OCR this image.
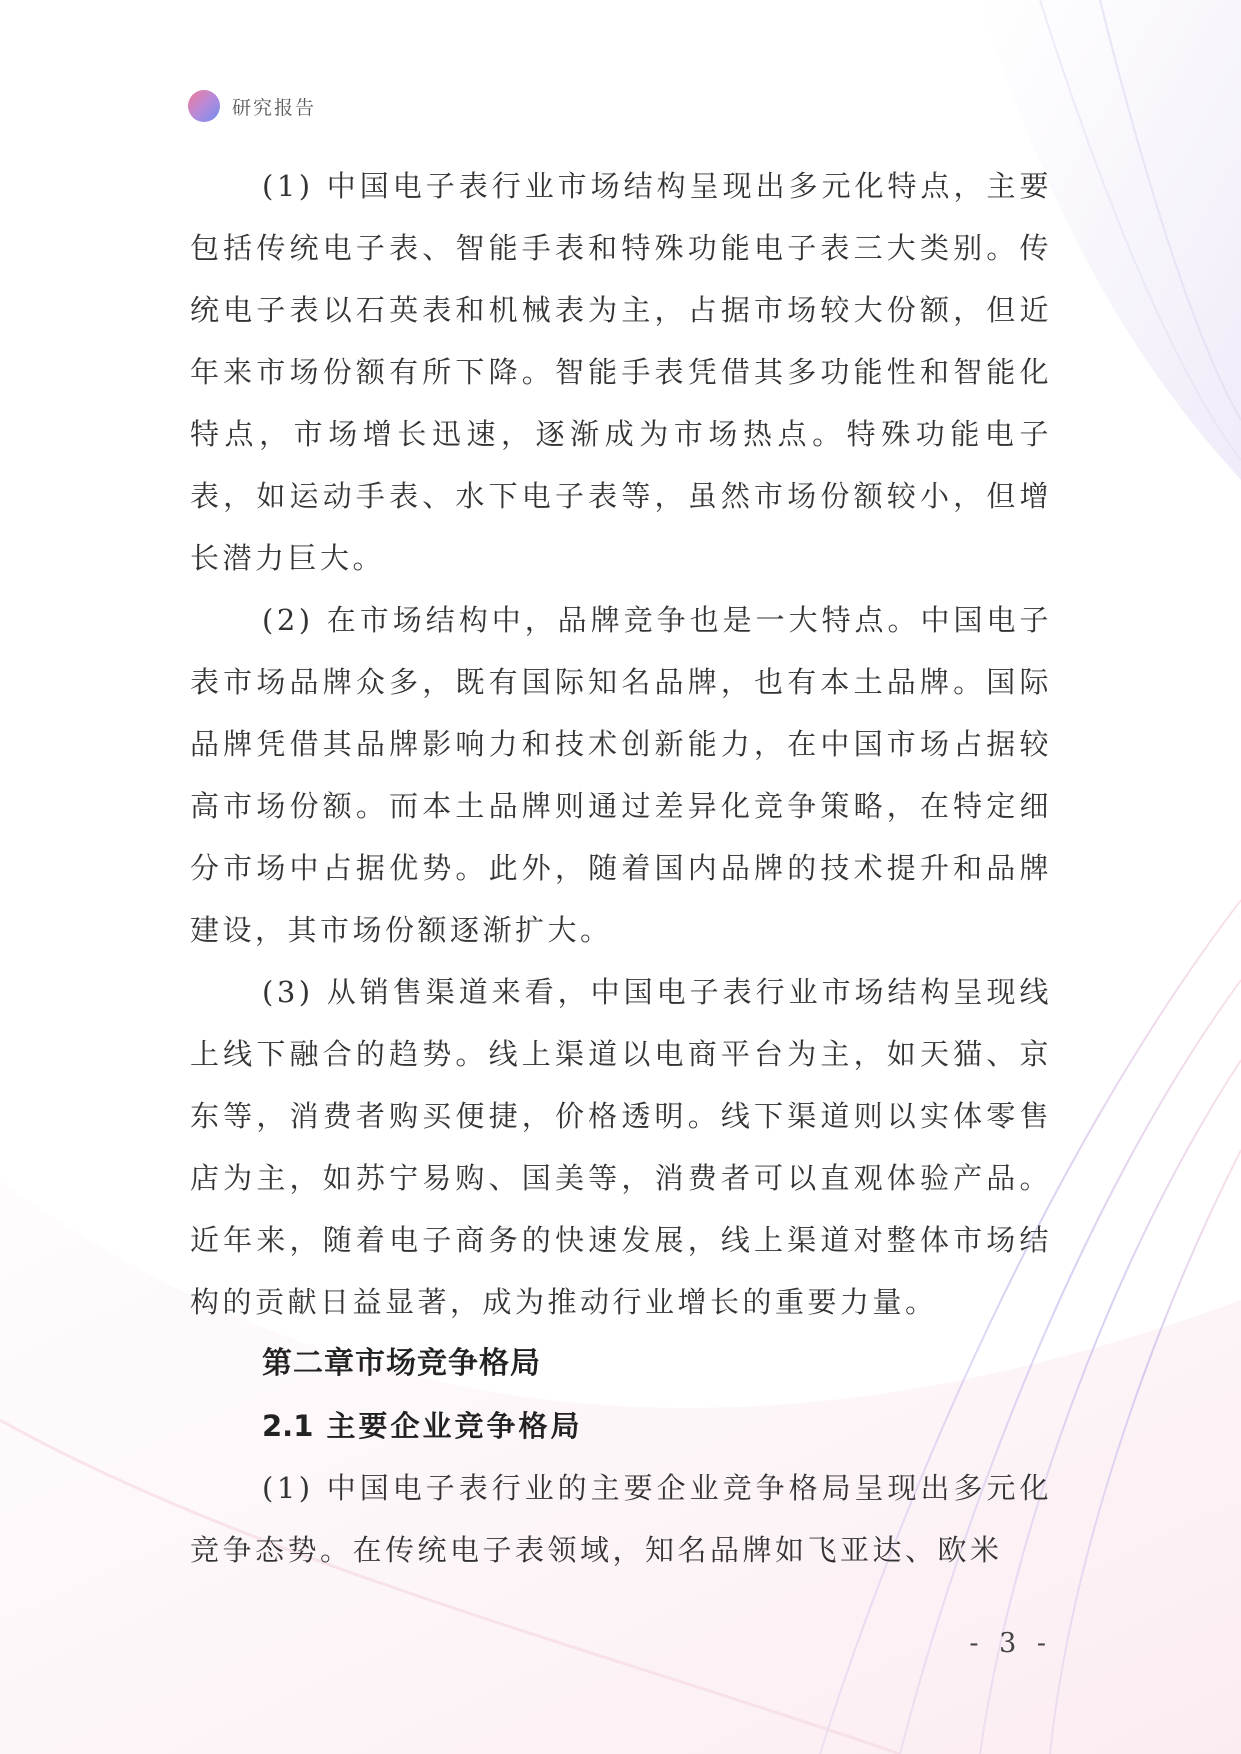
研究报告

(1) 中国电子表行业市场结构呈现出多元化特点，主要包括传统电子表、智能手表和特殊功能电子表三大类别。传统电子表以石英表和机械表为主，占据市场较大份额，但近年来市场份额有所下降。智能手表凭借其多功能性和智能化特点，市场增长迅速，逐渐成为市场热点。特殊功能电子表，如运动手表、水下电子表等，虽然市场份额较小，但增长潜力巨大。

(2) 在市场结构中，品牌竞争也是一大特点。中国电子表市场品牌众多，既有国际知名品牌，也有本土品牌。国际品牌凭借其品牌影响力和技术创新能力，在中国市场占据较高市场份额。而本土品牌则通过差异化竞争策略，在特定细分市场中占据优势。此外，随着国内品牌的技术提升和品牌建设，其市场份额逐渐扩大。

(3) 从销售渠道来看，中国电子表行业市场结构呈现线上线下融合的趋势。线上渠道以电商平台为主，如天猫、京东等，消费者购买便捷，价格透明。线下渠道则以实体零售店为主，如苏宁易购、国美等，消费者可以直观体验产品。近年来，随着电子商务的快速发展，线上渠道对整体市场结构的贡献日益显著，成为推动行业增长的重要力量。

第二章市场竞争格局
2.1 主要企业竞争格局

(1) 中国电子表行业的主要企业竞争格局呈现出多元化竞争态势。在传统电子表领域，知名品牌如飞亚达、欧米

- 3 -
